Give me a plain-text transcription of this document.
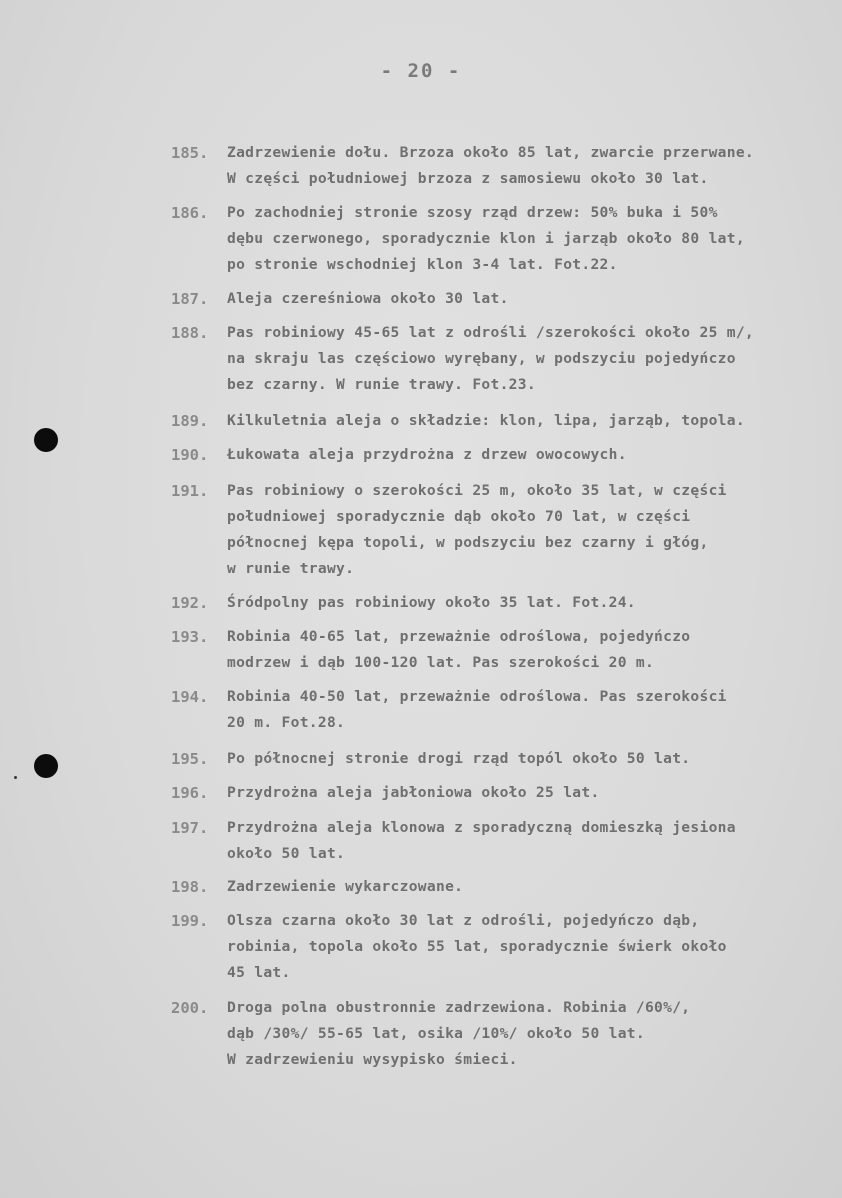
- 20 -
185.	Zadrzewienie dołu. Brzoza około 85 lat, zwarcie przerwane.
W części południowej brzoza z samosiewu około 30 lat.
186.	Po zachodniej stronie szosy rząd drzew: 50% buka i 50%
dębu czerwonego, sporadycznie klon i jarząb około 80 lat,
po stronie wschodniej klon 3-4 lat. Fot.22.
187.	Aleja czereśniowa około 30 lat.
188.	Pas robiniowy 45-65 lat z odrośli /szerokości około 25 m/,
na skraju las częściowo wyrębany, w podszyciu pojedyńczo
bez czarny. W runie trawy. Fot.23.
189.	Kilkuletnia aleja o składzie: klon, lipa, jarząb, topola.
190.	Łukowata aleja przydrożna z drzew owocowych.
191.	Pas robiniowy o szerokości 25 m, około 35 lat, w części
południowej sporadycznie dąb około 70 lat, w części
północnej kępa topoli, w podszyciu bez czarny i głóg,
w runie trawy.
192.	Śródpolny pas robiniowy około 35 lat. Fot.24.
193.	Robinia 40-65 lat, przeważnie odroślowa, pojedyńczo
modrzew i dąb 100-120 lat. Pas szerokości 20 m.
194.	Robinia 40-50 lat, przeważnie odroślowa. Pas szerokości
20 m. Fot.28.
195.	Po północnej stronie drogi rząd topól około 50 lat.
196.	Przydrożna aleja jabłoniowa około 25 lat.
197.	Przydrożna aleja klonowa z sporadyczną domieszką jesiona
około 50 lat.
198.	Zadrzewienie wykarczowane.
199.	Olsza czarna około 30 lat z odrośli, pojedyńczo dąb,
robinia, topola około 55 lat, sporadycznie świerk około
45 lat.
200.	Droga polna obustronnie zadrzewiona. Robinia /60%/,
dąb /30%/ 55-65 lat, osika /10%/ około 50 lat.
W zadrzewieniu wysypisko śmieci.
